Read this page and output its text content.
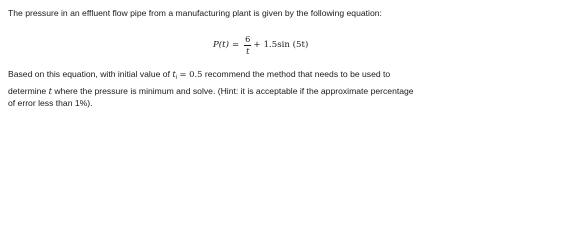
The pressure in an effluent flow pipe from a manufacturing plant is given by the following equation:
$P(t) = \frac{6}{t} + 1.5\sin$ (5t)
Based on this equation, with initial value of $t_i = 0.5$ recommend the method that needs to be used to
determine t where the pressure is minimum and solve. (Hint: it is acceptable if the approximate percentage
of error less than 1%).
